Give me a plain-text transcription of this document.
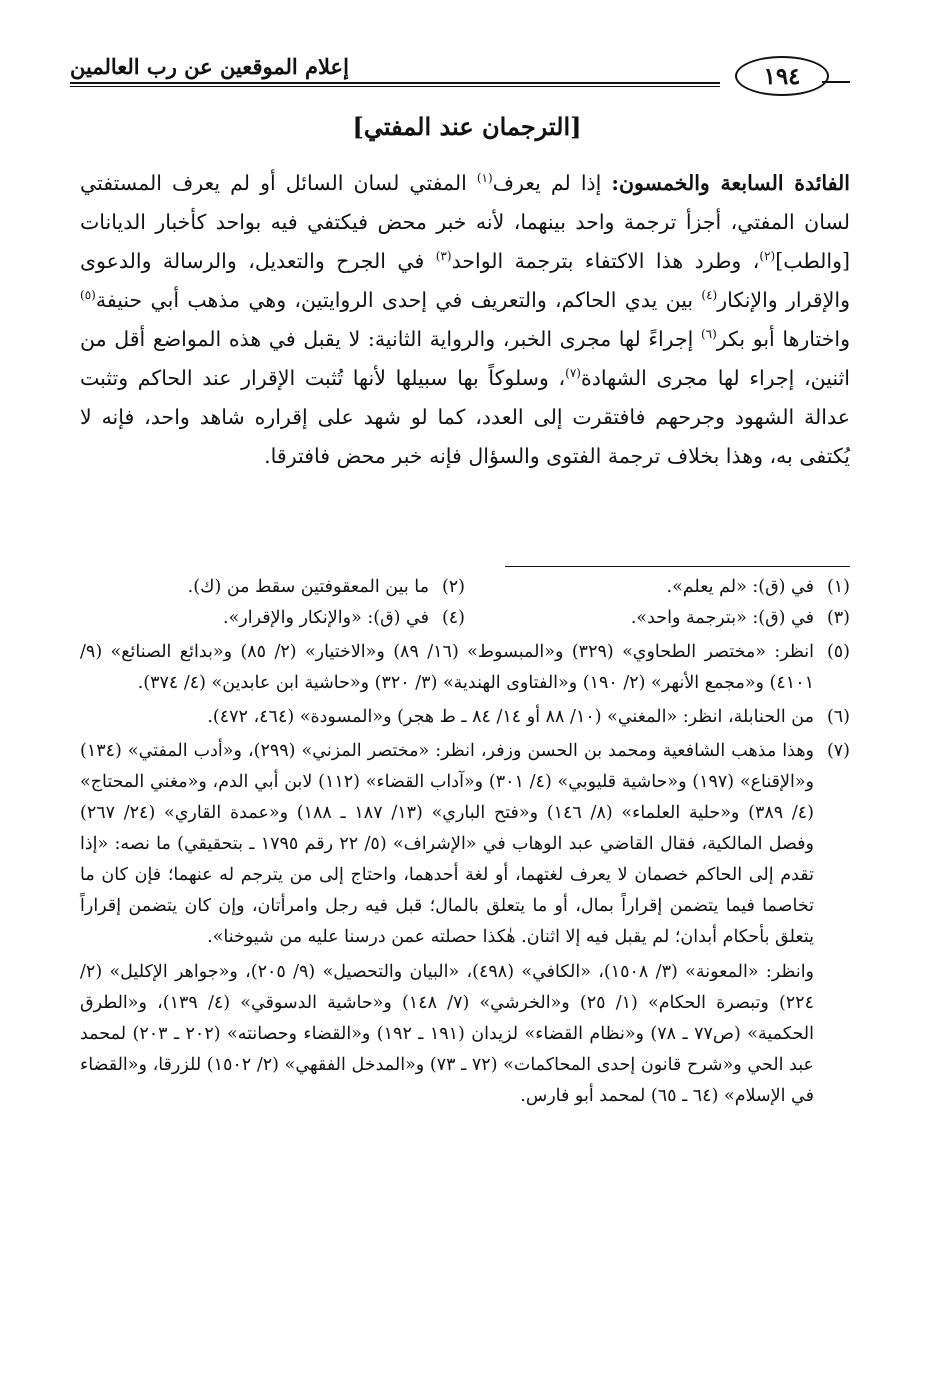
إعلام الموقعين عن رب العالمين	١٩٤
[الترجمان عند المفتي]
الفائدة السابعة والخمسون: إذا لم يعرف$^{(١)}$ المفتي لسان السائل أو لم يعرف المستفتي لسان المفتي، أجزأ ترجمة واحد بينهما، لأنه خبر محض فيكتفي فيه بواحد كأخبار الديانات [والطب]$^{(٢)}$، وطرد هذا الاكتفاء بترجمة الواحد$^{(٣)}$ في الجرح والتعديل، والرسالة والدعوى والإقرار والإنكار$^{(٤)}$ بين يدي الحاكم، والتعريف في إحدى الروايتين، وهي مذهب أبي حنيفة$^{(٥)}$ واختارها أبو بكر$^{(٦)}$ إجراءً لها مجرى الخبر، والرواية الثانية: لا يقبل في هذه المواضع أقل من اثنين، إجراء لها مجرى الشهادة$^{(٧)}$، وسلوكاً بها سبيلها لأنها تُثبت الإقرار عند الحاكم وتثبت عدالة الشهود وجرحهم فافتقرت إلى العدد، كما لو شهد على إقراره شاهد واحد، فإنه لا يُكتفى به، وهذا بخلاف ترجمة الفتوى والسؤال فإنه خبر محض فافترقا.
(١)
في (ق): «لم يعلم».
(٢)
ما بين المعقوفتين سقط من (ك).
(٣)
في (ق): «بترجمة واحد».
(٤)
في (ق): «والإنكار والإقرار».
(٥)
انظر: «مختصر الطحاوي» (٣٢٩) و«المبسوط» (١٦/ ٨٩) و«الاختيار» (٢/ ٨٥) و«بدائع الصنائع» (٩/ ٤١٠١) و«مجمع الأنهر» (٢/ ١٩٠) و«الفتاوى الهندية» (٣/ ٣٢٠) و«حاشية ابن عابدين» (٤/ ٣٧٤).
(٦)
من الحنابلة، انظر: «المغني» (١٠/ ٨٨ أو ١٤/ ٨٤ ـ ط هجر) و«المسودة» (٤٦٤، ٤٧٢).
(٧)
وهذا مذهب الشافعية ومحمد بن الحسن وزفر، انظر: «مختصر المزني» (٢٩٩)، و«أدب المفتي» (١٣٤) و«الإقناع» (١٩٧) و«حاشية قليوبي» (٤/ ٣٠١) و«آداب القضاء» (١١٢) لابن أبي الدم، و«مغني المحتاج» (٤/ ٣٨٩) و«حلية العلماء» (٨/ ١٤٦) و«فتح الباري» (١٣/ ١٨٧ ـ ١٨٨) و«عمدة القاري» (٢٤/ ٢٦٧) وفصل المالكية، فقال القاضي عبد الوهاب في «الإشراف» (٥/ ٢٢ رقم ١٧٩٥ ـ بتحقيقي) ما نصه: «إذا تقدم إلى الحاكم خصمان لا يعرف لغتهما، أو لغة أحدهما، واحتاج إلى من يترجم له عنهما؛ فإن كان ما تخاصما فيما يتضمن إقراراً بمال، أو ما يتعلق بالمال؛ قبل فيه رجل وامرأتان، وإن كان يتضمن إقراراً يتعلق بأحكام أبدان؛ لم يقبل فيه إلا اثنان. هٰكذا حصلته عمن درسنا عليه من شيوخنا».
وانظر: «المعونة» (٣/ ١٥٠٨)، «الكافي» (٤٩٨)، «البيان والتحصيل» (٩/ ٢٠٥)، و«جواهر الإكليل» (٢/ ٢٢٤) وتبصرة الحكام» (١/ ٢٥) و«الخرشي» (٧/ ١٤٨) و«حاشية الدسوقي» (٤/ ١٣٩)، و«الطرق الحكمية» (ص٧٧ ـ ٧٨) و«نظام القضاء» لزيدان (١٩١ ـ ١٩٢) و«القضاء وحصانته» (٢٠٢ ـ ٢٠٣) لمحمد عبد الحي و«شرح قانون إحدى المحاكمات» (٧٢ ـ ٧٣) و«المدخل الفقهي» (٢/ ١٥٠٢) للزرقا، و«القضاء في الإسلام» (٦٤ ـ ٦٥) لمحمد أبو فارس.
